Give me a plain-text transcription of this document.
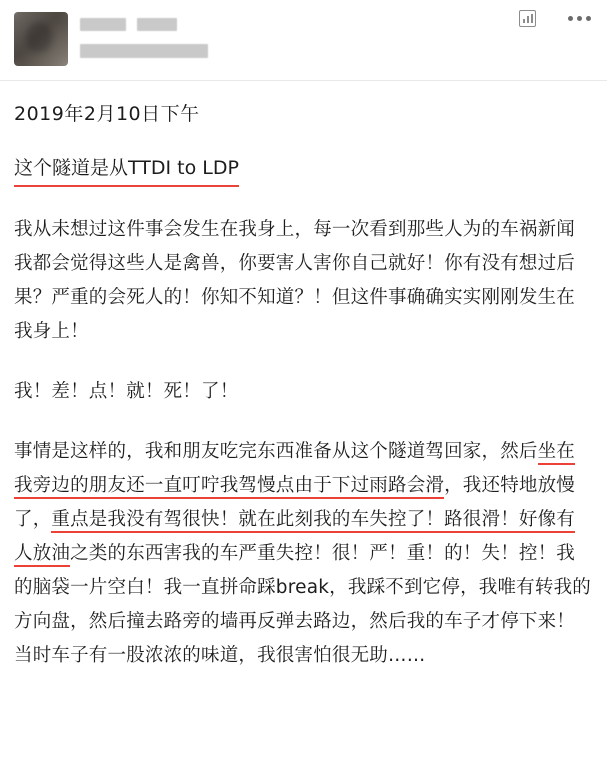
2019年2月10日下午
这个隧道是从TTDI to LDP

我从未想过这件事会发生在我身上，每一次看到那些人为的车祸新闻我都会觉得这些人是禽兽，你要害人害你自己就好！你有没有想过后果？严重的会死人的！你知不知道？！但这件事确确实实刚刚发生在我身上！

我！差！点！就！死！了！

事情是这样的，我和朋友吃完东西准备从这个隧道驾回家，然后坐在我旁边的朋友还一直叮咛我驾慢点由于下过雨路会滑，我还特地放慢了，重点是我没有驾很快！就在此刻我的车失控了！路很滑！好像有人放油之类的东西害我的车严重失控！很！严！重！的！失！控！我的脑袋一片空白！我一直拼命踩break，我踩不到它停，我唯有转我的方向盘，然后撞去路旁的墙再反弹去路边，然后我的车子才停下来！当时车子有一股浓浓的味道，我很害怕很无助……
